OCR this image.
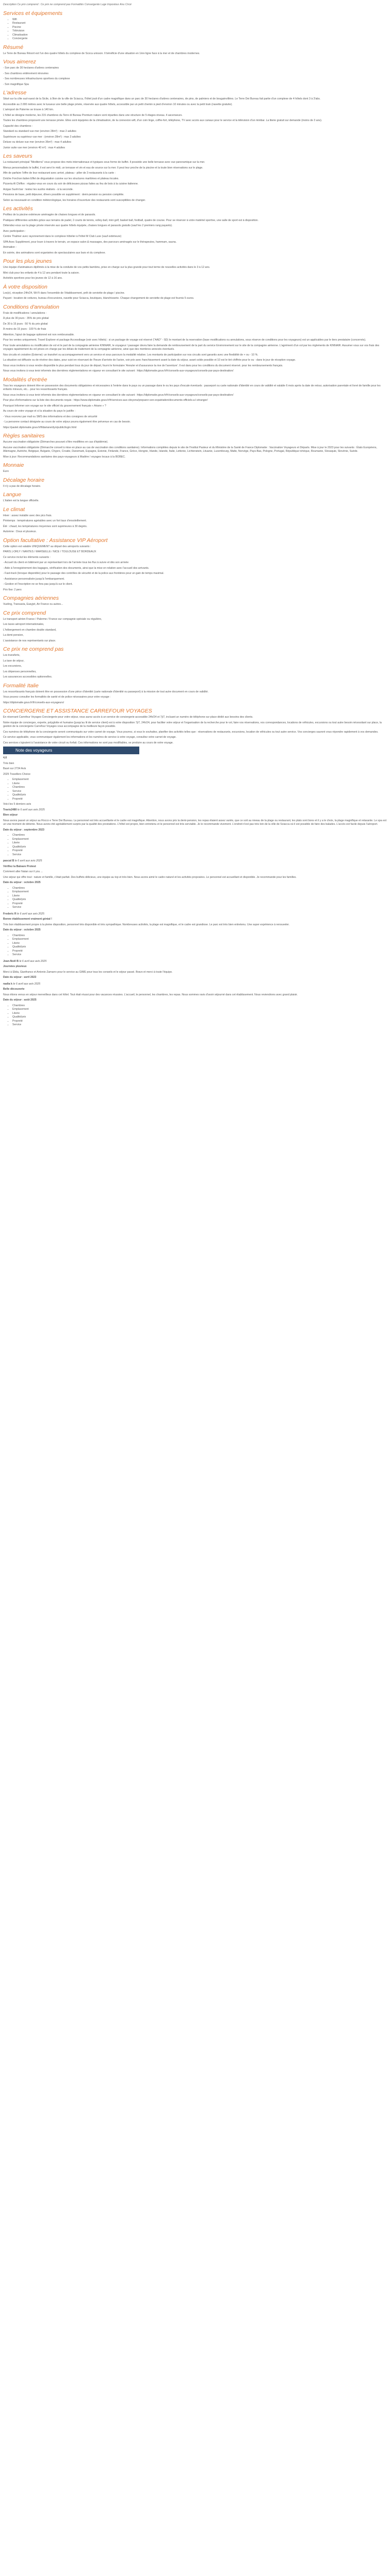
Description Ce prix comprend : Ce prix ne comprend pas Formalités Convergente Luge Impostour Anu Circé

Services et équipements
• Wifi
• Restaurant
• Piscine
• Télévision
• Climatisation
• Conciergerie
Résumé

Le Terre de Bureau Résort est l'un des quatre hôtels du complexe de Scoca unisson. Il bénéficie d'une situation en 1ère ligne face à la mer et de chambres modernes.

Vous aimerez

- Son parc de 30 hectares d'arbres centenaires

- Ses chambres entièrement rénovées

- Ses nombreuses infrastructures sportives du complexe

- Son magnifique Spa

L'adresse

Situé sur la côte sud-ouest de la Sicile, à 9km de la ville de Sciacca, l'hôtel jouit d'un cadre magnifique dans un parc de 30 hectares d'arbres centenaires, de pins, de palmiers et de bougainvillées. Le Terre Dei Bureau fait partie d'un complexe de 4 hôtels dont 3 à 3'abs.

Accessible au 2.000 mètres avec le luxueux une belle plage privée, réservée aux quatre hôtels, accessible par un petit chemin à pied d'environ 10 minutes ou avec la petit train (navette gratuite).

L'aéroport de Palerme se trouve à 140 km.

L'hôtel se désigne moderne, les 215 chambres du Terre di Bureau Premium nature sont réparties dans une structure de 5 étages-niveau. 4 ascenseurs.

Toutes les chambres proposent une terrasse privée. Elles sont équipées de la climatisation, de la connexion wifi, d'un coin linge, coffre-fort, téléphone, TV avec accès aux canaux pour le service et la télévision d'un minibar. La literie gratuit sur demande (moins de 3 ans).

Capacité des chambres :

Standard ou standard vue mer (environ 28m²) : max 2 adultes

Supérieure ou supérieur vue mer : (environ 28m²) : max 3 adultes

Deluxe ou deluxe vue mer (environ 36m²) : max 4 adultes

Junior suite vue mer (environ 40 m²) : max 4 adultes

Les saveurs

La restaurant principal "Mediterra" vous propose des mets internationaux et typiques sous forme de buffet. Il possède une belle terrasse avec vue panoramique sur la mer.

Menus personnalisés le buffet, il est servi le midi, un terrasse et vin et eau de source sur la mer. Il peut leur proche de la piscine et la toute bien réservations sur le plage.

Afin de parfaire l'offre de leur restaurant avec arrivé, plateau - pilier de 3 restaurants à la carte :

Dolche Forchon italien Effet de dégustation cuisine sur les structures maritimes et plateau locales.

Pizzeria Al Chiffon : régalez-vous en cours du soir de délicieuses pizzas faites au feu de bois à la cuisine italienne.

Acigas Sushi bar : testez les sushis réalisés - à la seconde.

Pensions de base, petit déjeuner, dîners possible en supplément : demi-pension ou pension complète.

Selon sa nouveauté en condition météorologique, les horaires d'ouverture des restaurants sont susceptibles de changer.

Les activités

Profitez de la piscine extérieure aménagée de chaises longues et de parasols.

Pratiquez différentes activités grâce aux terrains de padel, 2 courts de tennis, volley-ball, mini golf, basket ball, football, quatre de course. Pour se réserver à votre matériel sportive, une salle de sport est à disposition.

Détendez-vous sur la plage privée réservée aux quatre hôtels équipée, chaises longues et parasols gratuits (sauf les 2 premiers rang payants).

Avec participation :

Centre Thalmer avec rayonnement dans le complexe hôtelier à l'hôtel M Club Luxe (sauf extérieure)

SPA Avec Supplément, pour louer à travers le terrain, un espace salon & massages, des parcours aménagés sur le thérapeutes, hammam, sauna.

Animation :

En soirée, des animations sont organisées de spectaculaires aux bars et du complexe.

Pour les plus jeunes

Une équipe d'animateurs diplômés à la mise de la conduite de vos petits bambins, prise en charge sur la plus grande pour tout terme de nouvelles activités dans le 3 à 12 ans.

Mini club pour les enfants de 4 à 12 ans pendant toute la saison.

Activités sportives pour les jeunes de 12 à 16 ans.

À votre disposition

Les(e), réception 24h/24, Wi-Fi dans l'ensemble de l'établissement, prêt de serviette de plage / piscine.

Payant : location de voitures, bureau d'excursions, navette pour Sciacca, boutiques, blanchisserie. Chaque changement de serviette de plage est fournis 5 euros.

Conditions d'annulation

Frais de modifications / annulations :

À plus de 30 jours : 35% de prix global

De 30 à 15 jours : 50 % du prix global

À moins de 15 jours : 100 % de frais

Attention, l'ajout de bagage optionnel est non remboursable.

Pour les ventes uniquement, Travel Explorer et package Accessibage (voir avec hôtels) : si un package de voyage est réservé ("AAD" - SD) le montant de la reservation (base modifications ou annulations, sous réserve de conditions pour les voyageurs) est un applicables par le tiers prestataire (concernés).

Pour toute annulations ou modification de vol et le part de la compagnie aérienne KINNAIR, le voyageur / passager devra faire la demande de remboursement de la part du service Environnement sur le site de la compagnie aérienne. L'agrément d'un vol par les règlements de KINNAIR. Assumer vous sur vos frais des voyages rapatriement du vol prises en charge par les délais de traitement de la compagnie aérienne, ainsi que des membres annexés éventuels.

Nos circuits et croisière (Externe): un transfert ou accompagnement vers un service et sous parcours la modalité relative. Les montants de participation sur nos circuits sont garantis avec une flexibilité de + ou - 10 %.

La situation est diffusée ou de révérer des dates, pour suivi en réservant de l'heure d'arrivée de l'avion, voir prix avec franchissement avant la date du séjour, avant solde possible et 10 est le tiré chiffrée pour le ou - dans le jour de réception voyage.

Nous vous invitons à vous rendre disponible le plus pendant tous du jour de départ, fourni le formulaire 'Annuler et d'assurance la rive de l'aventure'. Il est dans pour les conditions du document réservé. pour les remboursements français.

Nous vous invitons à vous tenir informés des dernières réglementations en vigueur en consultant le site suivant : https://diplomatie.gouv.fr/fr/conseils-aux-voyageurs/conseils-par-pays-destination/

Modalités d'entrée

Tous les voyageurs doivent être en possession des documents obligatoires et nécessaires à l'entrée dans le pays ou un passage dans le ou les pays d'escale éventuels : passeport ou carte nationale d'identité en cours de validité et valable 6 mois après la date de retour, autorisation parentale et livret de famille pour les enfants mineurs, etc... pour les ressortissants français.

Nous vous invitons à vous tenir informés des dernières réglementations en vigueur en consultant le site suivant : https://diplomatie.gouv.fr/fr/conseils-aux-voyageurs/conseils-par-pays-destination/

Pour plus d'informations sur la liste des documents requis : https://www.diplomatie.gouv.fr/fr/services-aux-citoyens/preparer-son-expatriation/documents-officiels-a-l-etranger/

Pourquoi Informer son voyage sur le site officiel du gouvernement français « Ariane » ?

Au cours de votre voyage et si la situation du pays le justifie :

- Vous recevrez par mail ou SMS des informations et des consignes de sécurité

- La personne contact désignée au cours de votre séjour pourra également être prévenue en cas de besoin.

https://pastel.diplomatie.gouv.fr/fildariane/dyn/public/login.html

Règles sanitaires

Aucune vaccination obligatoire (Démarches pouvant s'être modifiées en cas d'épidémie).

Aucune vaccination obligatoire (Démarche conseil à mise en place au cas de vaccination des conditions sanitaires). Informations complètes depuis le site de l'Institut Pasteur et du Ministère de la Santé de France Diplomatie : Vaccination Voyageurs et Départs. Mise à jour le 2023 pour les suivants : États Européens, Allemagne, Autriche, Belgique, Bulgarie, Chypre, Croatie, Danemark, Espagne, Estonie, Finlande, France, Grèce, Hongrie, Irlande, Islande, Italie, Lettonie, Lichtenstein, Lituanie, Luxembourg, Malte, Norvège, Pays-Bas, Pologne, Portugal, République tchèque, Roumanie, Slovaquie, Slovénie, Suède.

Mise à jour: Recommandations sanitaires des pays-voyageurs à Madère / voyages locaux à la BOBEC.

Monnaie

Euro

Décalage horaire

Il n'y a pas de décalage horaire.

Langue

L'italien est la langue officielle.

Le climat

Hiver : assez instable avec des pics frais.

Printemps : températures agréables avec un fort taux d'ensoleillement.

Été : chaud, les températures moyennes sont supérieures à 30 degrés.

Automne : Doux et pluvieux.

Option facultative : Assistance VIP Aéroport

Cette option est valable UNIQUEMENT au départ des aéroports suivants :

PARIS (-ORLY / NANTES / MARSEILLE / NICE / TOULOUSE ET BORDEAUX

Ce service inclut les éléments suivants :

- Accueil du client en bâtiment par un représentant lors de l'arrivée tous les flux à suivre et dès son arrivée

- Aide à l'enregistrement des bagages, vérification des documents, ainsi que la mise en relation avec l'accueil des arrivants.

- Fast-track (lorsque disponible) pour le passage des contrôles de sécurité et de la police aux frontières pour un gain de temps maximal.

- Assistance personnalisée jusqu'à l'embarquement.

- Gestion et l'inscription ne se fera pas jusqu'à sur le client.

Prix fixe: 2 pers

Compagnies aériennes

Vueling, Transavia, Easyjet, Air France ou autres...

Ce prix comprend

Le transport aérien France / Palerme / France sur compagnie spéciale ou régulière,

Les taxes aéroport internationales,

L'hébergement en chambre double standard,

La demi-pension,

L'assistance de nos représentants sur place.

Ce prix ne comprend pas

Les transferts,

La taxe de séjour,

Les excursions,

Les dépenses personnelles,

Les assurances accessibles optionnelles.

Formalité Italie

Les ressortissants français doivent être en possession d'une pièce d'identité (carte nationale d'identité ou passeport) à la mission de tout autre document en cours de validité.

Vous pouvez consulter les formalités de santé et de police nécessaires pour votre voyage :

https://diplomatie.gouv.fr/fr/conseils-aux-voyageurs/

CONCIERGERIE ET ASSISTANCE CARREFOUR VOYAGES

En réservant Carrefour Voyages Conciergerie pour votre séjour, vous aurez accès à un service de conciergerie accessible 24h/24 et 7j/7, incluant un numéro de téléphone sur place dédié aux besoins des clients.

Notre équipe de concierges, experte, polyglotte et humaine (jusqu'au lit de service client) est à votre disposition 7j/7, 24h/24, pour faciliter votre séjour et l'organisation de la recherche pour le vol, faire vos réservations, vos correspondances, locations de véhicules, excursions ou tout autre besoin nécessitant sur place, la gestion de la conciergerie Carrefour Voyages vous accompagne de la meilleure façon possible.

Ces numéros de téléphone de la conciergerie seront communiqués sur votre carnet de voyage. Vous pourrez, si vous le souhaitez, planifier des activités telles que : réservations de restaurants, excursions, location de véhicules ou tout autre service. Vos concierges sauront vous répondre rapidement à vos demandes.

Ce service applicable, vous communiquer également les informations et les numéros de service à votre voyage, consultez votre carnet de voyage.

Ces services s'ajoutent à l'assistance de votre circuit ou forfait. Ces informations ne sont pas modifiables, se produire au cours de votre voyage.

Note des voyageurs

4,6

Très bien

Basé sur 2734 Avis

2025 Travellers Choice

• Emplacement
• Literie
• Chambres
• Service
• Qualité/prix
• Propreté

Voici les 5 derniers avis

Travis2480 le 6 avril aux avis 2025

Bien séjour

Nous avons passé un séjour au Rocco e Terre Dei Bureau. La personnel est très accueillante et le cadre est magnifique. Attention, nous avons pris la demi-pension, les repas étaient assez variés, que ce soit au niveau de la plage ou restaurant, les plats sont bons et il y a le choix, la plage magnifique et relaxante. Le spa est un vrai moment de détente. Nous avons été agréablement surpris par la qualité des prestations. L'hôtel est propre, bien entretenu et le personnel est très serviable. Je le recommande vivement. L'endroit n'est pas très loin de la ville de Sciacca où il est possible de faire des balades. L'accès est facile depuis l'aéroport.

Date du séjour : septembre 2023

• Chambres
• Emplacement
• Literie
• Qualité/prix
• Propreté
• Service

pascal B le 6 avril aux avis 2025

Vérifiez la Baleare Protest

Comment aller Natan sur il you ...

Une séjour qui offre tout : nature et famille, c'était parfait. Des buffets délicieux, une équipe au top et très bien. Nous avons aimé le cadre naturel et les activités proposées. Le personnel est accueillant et disponible. Je recommande pour les familles.

Date du séjour : octobre 2025

• Chambres
• Emplacement
• Literie
• Qualité/prix
• Propreté
• Service

Frederic R le 6 avril aux avis 2025

Bonne établissement vraiment génial !

Très bon établissement propre à la pleine disposition, personnel très disponible et très sympathique. Nombreuses activités, la plage est magnifique, et le cadre est grandiose. Le parc est très bien entretenu. Une super expérience à renouveler.

Date du séjour : octobre 2025

• Chambres
• Emplacement
• Literie
• Qualité/prix
• Propreté
• Service

Jean-Noël B le 6 avril aux avis 2025

Journées pluvieux

Merci à Elida, Gianfranco et Antonio Zamarro pour le service au GIME pour tous les conseils et le séjour passé. Bravo et merci à toute l'équipe.

Date du séjour : avril 2023

nadia k le 6 avril aux avis 2025

Belle découverte

Nous étions venus en séjour merveilleux dans cet hôtel. Tout était réussi pour des vacances réussies. L'accueil, le personnel, les chambres, les repas. Nous sommes ravis d'avoir séjourné dans cet établissement. Nous reviendrons avec grand plaisir.

Date du séjour : août 2025

• Chambres
• Emplacement
• Literie
• Qualité/prix
• Propreté
• Service
